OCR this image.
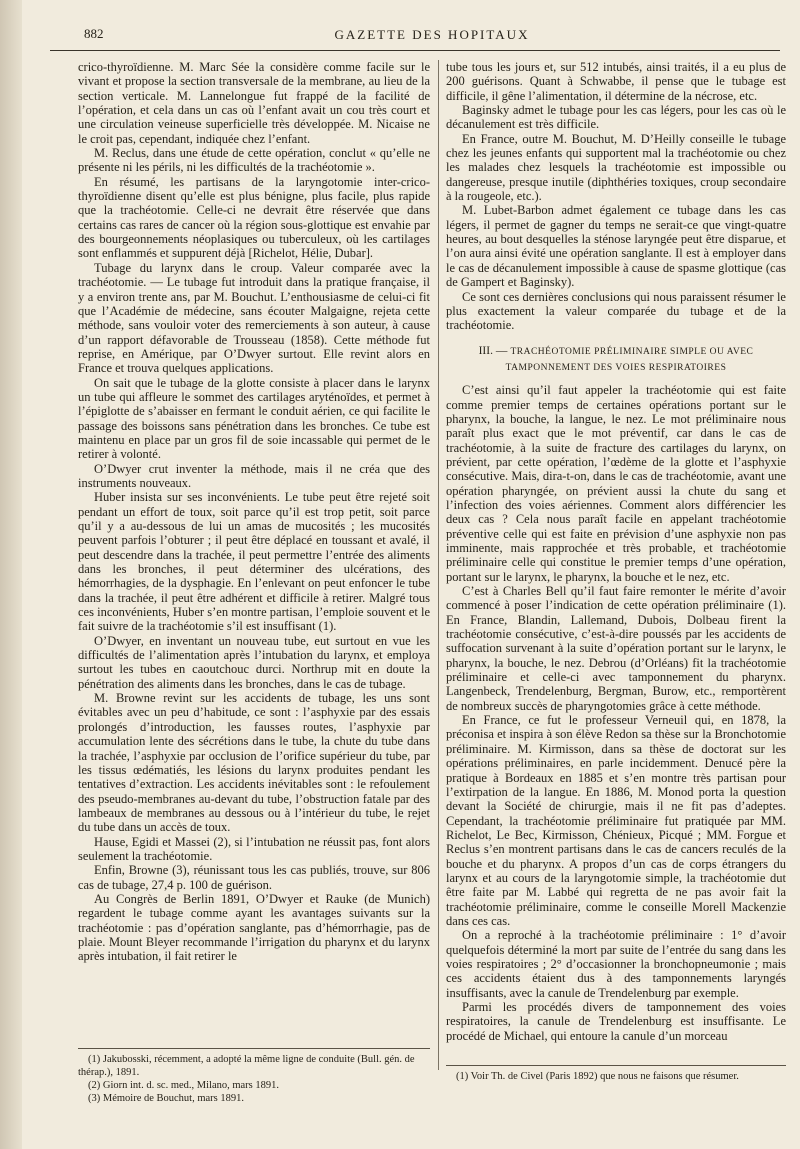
882	GAZETTE DES HOPITAUX

crico-thyroïdienne. M. Marc Sée la considère comme facile sur le vivant et propose la section transversale de la membrane, au lieu de la section verticale. M. Lannelongue fut frappé de la facilité de l’opération, et cela dans un cas où l’enfant avait un cou très court et une circulation veineuse superficielle très développée. M. Nicaise ne le croit pas, cependant, indiquée chez l’enfant.

M. Reclus, dans une étude de cette opération, conclut « qu’elle ne présente ni les périls, ni les difficultés de la trachéotomie ».

En résumé, les partisans de la laryngotomie inter-crico-thyroïdienne disent qu’elle est plus bénigne, plus facile, plus rapide que la trachéotomie. Celle-ci ne devrait être réservée que dans certains cas rares de cancer où la région sous-glottique est envahie par des bourgeonnements néoplasiques ou tuberculeux, où les cartilages sont enflammés et suppurent déjà [Richelot, Hélie, Dubar].

Tubage du larynx dans le croup. Valeur comparée avec la trachéotomie. — Le tubage fut introduit dans la pratique française, il y a environ trente ans, par M. Bouchut. L’enthousiasme de celui-ci fit que l’Académie de médecine, sans écouter Malgaigne, rejeta cette méthode, sans vouloir voter des remerciements à son auteur, à cause d’un rapport défavorable de Trousseau (1858). Cette méthode fut reprise, en Amérique, par O’Dwyer surtout. Elle revint alors en France et trouva quelques applications.

On sait que le tubage de la glotte consiste à placer dans le larynx un tube qui affleure le sommet des cartilages aryténoïdes, et permet à l’épiglotte de s’abaisser en fermant le conduit aérien, ce qui facilite le passage des boissons sans pénétration dans les bronches. Ce tube est maintenu en place par un gros fil de soie incassable qui permet de le retirer à volonté.

O’Dwyer crut inventer la méthode, mais il ne créa que des instruments nouveaux.

Huber insista sur ses inconvénients. Le tube peut être rejeté soit pendant un effort de toux, soit parce qu’il est trop petit, soit parce qu’il y a au-dessous de lui un amas de mucosités ; les mucosités peuvent parfois l’obturer ; il peut être déplacé en toussant et avalé, il peut descendre dans la trachée, il peut permettre l’entrée des aliments dans les bronches, il peut déterminer des ulcérations, des hémorrhagies, de la dysphagie. En l’enlevant on peut enfoncer le tube dans la trachée, il peut être adhérent et difficile à retirer. Malgré tous ces inconvénients, Huber s’en montre partisan, l’emploie souvent et le fait suivre de la trachéotomie s’il est insuffisant (1).

O’Dwyer, en inventant un nouveau tube, eut surtout en vue les difficultés de l’alimentation après l’intubation du larynx, et employa surtout les tubes en caoutchouc durci. Northrup mit en doute la pénétration des aliments dans les bronches, dans le cas de tubage.

M. Browne revint sur les accidents de tubage, les uns sont évitables avec un peu d’habitude, ce sont : l’asphyxie par des essais prolongés d’introduction, les fausses routes, l’asphyxie par accumulation lente des sécrétions dans le tube, la chute du tube dans la trachée, l’asphyxie par occlusion de l’orifice supérieur du tube, par les tissus œdématiés, les lésions du larynx produites pendant les tentatives d’extraction. Les accidents inévitables sont : le refoulement des pseudo-membranes au-devant du tube, l’obstruction fatale par des lambeaux de membranes au dessous ou à l’intérieur du tube, le rejet du tube dans un accès de toux.

Hause, Egidi et Massei (2), si l’intubation ne réussit pas, font alors seulement la trachéotomie.

Enfin, Browne (3), réunissant tous les cas publiés, trouve, sur 806 cas de tubage, 27,4 p. 100 de guérison.

Au Congrès de Berlin 1891, O’Dwyer et Rauke (de Munich) regardent le tubage comme ayant les avantages suivants sur la trachéotomie : pas d’opération sanglante, pas d’hémorrhagie, pas de plaie. Mount Bleyer recommande l’irrigation du pharynx et du larynx après intubation, il fait retirer le

tube tous les jours et, sur 512 intubés, ainsi traités, il a eu plus de 200 guérisons. Quant à Schwabbe, il pense que le tubage est difficile, il gêne l’alimentation, il détermine de la nécrose, etc.

Baginsky admet le tubage pour les cas légers, pour les cas où le décanulement est très difficile.

En France, outre M. Bouchut, M. D’Heilly conseille le tubage chez les jeunes enfants qui supportent mal la trachéotomie ou chez les malades chez lesquels la trachéotomie est impossible ou dangereuse, presque inutile (diphthéries toxiques, croup secondaire à la rougeole, etc.).

M. Lubet-Barbon admet également ce tubage dans les cas légers, il permet de gagner du temps ne serait-ce que vingt-quatre heures, au bout desquelles la sténose laryngée peut être disparue, et l’on aura ainsi évité une opération sanglante. Il est à employer dans le cas de décanulement impossible à cause de spasme glottique (cas de Gampert et Baginsky).

Ce sont ces dernières conclusions qui nous paraissent résumer le plus exactement la valeur comparée du tubage et de la trachéotomie.

III. — TRACHÉOTOMIE PRÉLIMINAIRE SIMPLE OU AVEC TAMPONNEMENT DES VOIES RESPIRATOIRES

C’est ainsi qu’il faut appeler la trachéotomie qui est faite comme premier temps de certaines opérations portant sur le pharynx, la bouche, la langue, le nez. Le mot préliminaire nous paraît plus exact que le mot préventif, car dans le cas de trachéotomie, à la suite de fracture des cartilages du larynx, on prévient, par cette opération, l’œdème de la glotte et l’asphyxie consécutive. Mais, dira-t-on, dans le cas de trachéotomie, avant une opération pharyngée, on prévient aussi la chute du sang et l’infection des voies aériennes. Comment alors différencier les deux cas ? Cela nous paraît facile en appelant trachéotomie préventive celle qui est faite en prévision d’une asphyxie non pas imminente, mais rapprochée et très probable, et trachéotomie préliminaire celle qui constitue le premier temps d’une opération, portant sur le larynx, le pharynx, la bouche et le nez, etc.

C’est à Charles Bell qu’il faut faire remonter le mérite d’avoir commencé à poser l’indication de cette opération préliminaire (1). En France, Blandin, Lallemand, Dubois, Dolbeau firent la trachéotomie consécutive, c’est-à-dire poussés par les accidents de suffocation survenant à la suite d’opération portant sur le larynx, le pharynx, la bouche, le nez. Debrou (d’Orléans) fit la trachéotomie préliminaire et celle-ci avec tamponnement du pharynx. Langenbeck, Trendelenburg, Bergman, Burow, etc., remportèrent de nombreux succès de pharyngotomies grâce à cette méthode.

En France, ce fut le professeur Verneuil qui, en 1878, la préconisa et inspira à son élève Redon sa thèse sur la Bronchotomie préliminaire. M. Kirmisson, dans sa thèse de doctorat sur les opérations préliminaires, en parle incidemment. Denucé père la pratique à Bordeaux en 1885 et s’en montre très partisan pour l’extirpation de la langue. En 1886, M. Monod porta la question devant la Société de chirurgie, mais il ne fit pas d’adeptes. Cependant, la trachéotomie préliminaire fut pratiquée par MM. Richelot, Le Bec, Kirmisson, Chénieux, Picqué ; MM. Forgue et Reclus s’en montrent partisans dans le cas de cancers reculés de la bouche et du pharynx. A propos d’un cas de corps étrangers du larynx et au cours de la laryngotomie simple, la trachéotomie dut être faite par M. Labbé qui regretta de ne pas avoir fait la trachéotomie préliminaire, comme le conseille Morell Mackenzie dans ces cas.

On a reproché à la trachéotomie préliminaire : 1° d’avoir quelquefois déterminé la mort par suite de l’entrée du sang dans les voies respiratoires ; 2° d’occasionner la bronchopneumonie ; mais ces accidents étaient dus à des tamponnements laryngés insuffisants, avec la canule de Trendelenburg par exemple.

Parmi les procédés divers de tamponnement des voies respiratoires, la canule de Trendelenburg est insuffisante. Le procédé de Michael, qui entoure la canule d’un morceau

(1) Jakubosski, récemment, a adopté la même ligne de conduite (Bull. gén. de thérap.), 1891.

(2) Giorn int. d. sc. med., Milano, mars 1891.

(3) Mémoire de Bouchut, mars 1891.

(1) Voir Th. de Civel (Paris 1892) que nous ne faisons que résumer.
